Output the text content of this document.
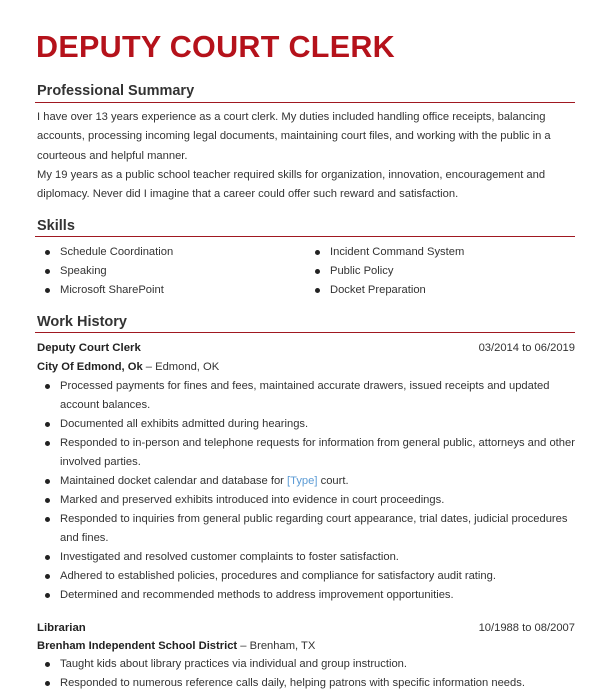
DEPUTY COURT CLERK
Professional Summary

I have over 13 years experience as a court clerk. My duties included handling office receipts, balancing accounts, processing incoming legal documents, maintaining court files, and working with the public in a courteous and helpful manner.

My 19 years as a public school teacher required skills for organization, innovation, encouragement and diplomacy. Never did I imagine that a career could offer such reward and satisfaction.

Skills
Schedule Coordination
Speaking
Microsoft SharePoint
Incident Command System
Public Policy
Docket Preparation
Work History
Deputy Court Clerk	03/2014 to 06/2019
City Of Edmond, Ok – Edmond, OK
Processed payments for fines and fees, maintained accurate drawers, issued receipts and updated account balances.
Documented all exhibits admitted during hearings.
Responded to in-person and telephone requests for information from general public, attorneys and other involved parties.
Maintained docket calendar and database for [Type] court.
Marked and preserved exhibits introduced into evidence in court proceedings.
Responded to inquiries from general public regarding court appearance, trial dates, judicial procedures and fines.
Investigated and resolved customer complaints to foster satisfaction.
Adhered to established policies, procedures and compliance for satisfactory audit rating.
Determined and recommended methods to address improvement opportunities.
Librarian	10/1988 to 08/2007
Brenham Independent School District – Brenham, TX
Taught kids about library practices via individual and group instruction.
Responded to numerous reference calls daily, helping patrons with specific information needs.
